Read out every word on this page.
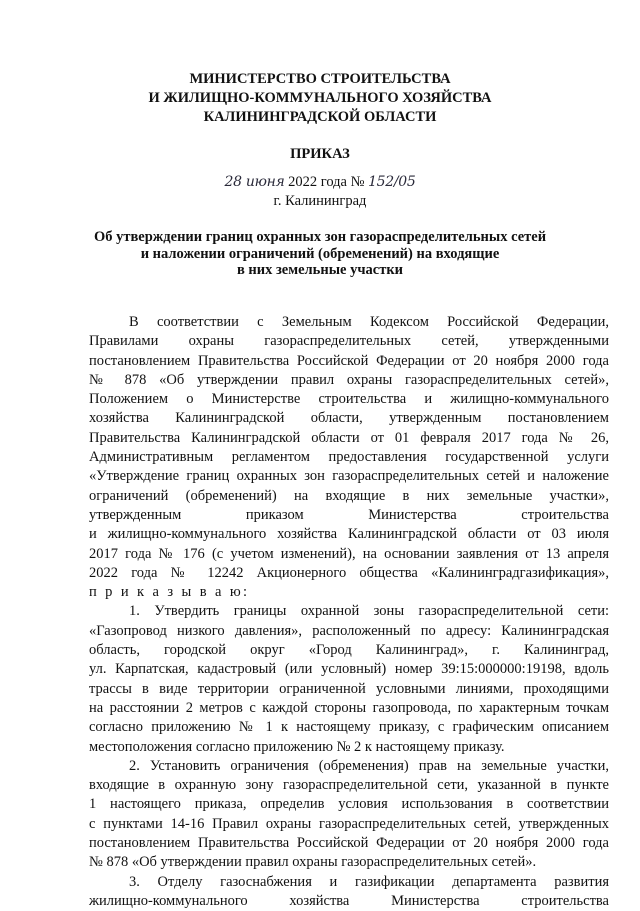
МИНИСТЕРСТВО СТРОИТЕЛЬСТВА
И ЖИЛИЩНО-КОММУНАЛЬНОГО ХОЗЯЙСТВА
КАЛИНИНГРАДСКОЙ ОБЛАСТИ
ПРИКАЗ
28 июня 2022 года № 152/05
г. Калининград
Об утверждении границ охранных зон газораспределительных сетей
и наложении ограничений (обременений) на входящие
в них земельные участки
В соответствии с Земельным Кодексом Российской Федерации,
Правилами охраны газораспределительных сетей, утвержденными
постановлением Правительства Российской Федерации от 20 ноября 2000 года
№ 878 «Об утверждении правил охраны газораспределительных сетей»,
Положением о Министерстве строительства и жилищно-коммунального
хозяйства Калининградской области, утвержденным постановлением
Правительства Калининградской области от 01 февраля 2017 года № 26,
Административным регламентом предоставления государственной услуги
«Утверждение границ охранных зон газораспределительных сетей и наложение
ограничений (обременений) на входящие в них земельные участки»,
утвержденным приказом Министерства строительства
и жилищно-коммунального хозяйства Калининградской области от 03 июля
2017 года № 176 (с учетом изменений), на основании заявления от 13 апреля
2022 года № 12242 Акционерного общества «Калининградгазификация»,
п р и к а з ы в а ю:
1. Утвердить границы охранной зоны газораспределительной сети:
«Газопровод низкого давления», расположенный по адресу: Калининградская
область, городской округ «Город Калининград», г. Калининград,
ул. Карпатская, кадастровый (или условный) номер 39:15:000000:19198, вдоль
трассы в виде территории ограниченной условными линиями, проходящими
на расстоянии 2 метров с каждой стороны газопровода, по характерным точкам
согласно приложению № 1 к настоящему приказу, с графическим описанием
местоположения согласно приложению № 2 к настоящему приказу.
2. Установить ограничения (обременения) прав на земельные участки,
входящие в охранную зону газораспределительной сети, указанной в пункте
1 настоящего приказа, определив условия использования в соответствии
с пунктами 14-16 Правил охраны газораспределительных сетей, утвержденных
постановлением Правительства Российской Федерации от 20 ноября 2000 года
№ 878 «Об утверждении правил охраны газораспределительных сетей».
3. Отделу газоснабжения и газификации департамента развития
жилищно-коммунального хозяйства Министерства строительства
